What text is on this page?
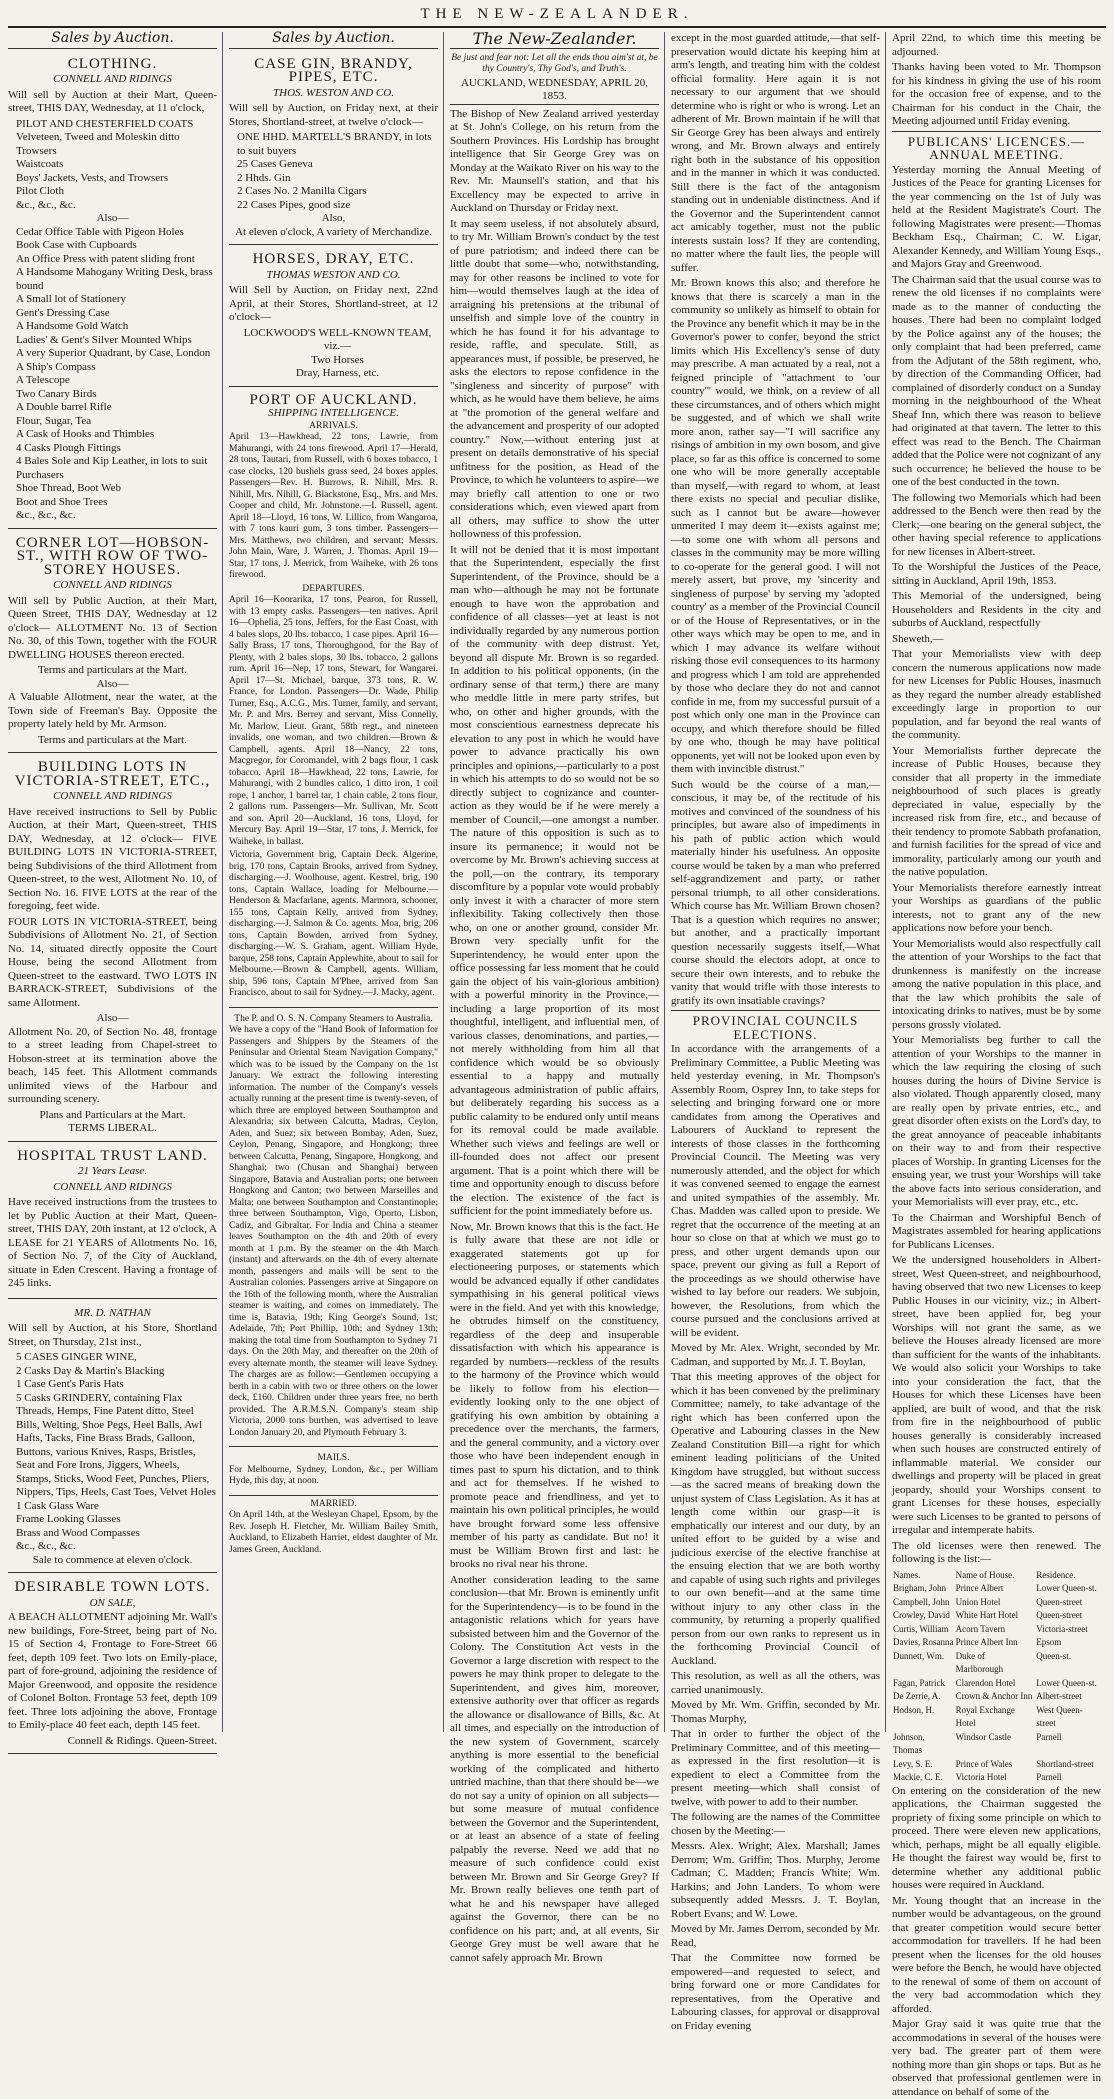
THE NEW-ZEALANDER.
Sales by Auction.
CLOTHING.
CONNELL AND RIDINGS

Will sell by Auction at their Mart, Queen-street, THIS DAY, Wednesday, at 11 o'clock,

PILOT AND CHESTERFIELD COATS
Velveteen, Tweed and Moleskin ditto
Trowsers
Waistcoats
Boys' Jackets, Vests, and Trowsers
Pilot Cloth
&c., &c., &c.
Also—
Cedar Office Table with Pigeon Holes
Book Case with Cupboards
An Office Press with patent sliding front
A Handsome Mahogany Writing Desk, brass bound
A Small lot of Stationery
Gent's Dressing Case
A Handsome Gold Watch
Ladies' & Gent's Silver Mounted Whips
A very Superior Quadrant, by Case, London
A Ship's Compass
A Telescope
Two Canary Birds
A Double barrel Rifle
Flour, Sugar, Tea
A Cask of Hooks and Thimbles
4 Casks Plough Fittings
4 Bales Sole and Kip Leather, in lots to suit Purchasers
Shoe Thread, Boot Web
Boot and Shoe Trees
&c., &c., &c.
CORNER LOT—HOBSON-ST., WITH ROW OF TWO-STOREY HOUSES.
CONNELL AND RIDINGS

Will sell by Public Auction, at their Mart, Queen Street, THIS DAY, Wednesday at 12 o'clock— ALLOTMENT No. 13 of Section No. 30, of this Town, together with the FOUR DWELLING HOUSES thereon erected.

Terms and particulars at the Mart.
Also—

A Valuable Allotment, near the water, at the Town side of Freeman's Bay. Opposite the property lately held by Mr. Armson.

Terms and particulars at the Mart.
BUILDING LOTS IN VICTORIA-STREET, ETC.,
CONNELL AND RIDINGS

Have received instructions to Sell by Public Auction, at their Mart, Queen-street, THIS DAY, Wednesday, at 12 o'clock— FIVE BUILDING LOTS IN VICTORIA-STREET, being Subdivisions of the third Allotment from Queen-street, to the west, Allotment No. 10, of Section No. 16. FIVE LOTS at the rear of the foregoing, feet wide.

FOUR LOTS IN VICTORIA-STREET, being Subdivisions of Allotment No. 21, of Section No. 14, situated directly opposite the Court House, being the second Allotment from Queen-street to the eastward. TWO LOTS IN BARRACK-STREET, Subdivisions of the same Allotment.

Also—

Allotment No. 20, of Section No. 48, frontage to a street leading from Chapel-street to Hobson-street at its termination above the beach, 145 feet. This Allotment commands unlimited views of the Harbour and surrounding scenery.

Plans and Particulars at the Mart.
TERMS LIBERAL.
HOSPITAL TRUST LAND.
21 Years Lease.
CONNELL AND RIDINGS

Have received instructions from the trustees to let by Public Auction at their Mart, Queen-street, THIS DAY, 20th instant, at 12 o'clock, A LEASE for 21 YEARS of Allotments No. 16, of Section No. 7, of the City of Auckland, situate in Eden Crescent. Having a frontage of 245 links.

MR. D. NATHAN

Will sell by Auction, at his Store, Shortland Street, on Thursday, 21st inst.,

5 CASES GINGER WINE,
2 Casks Day & Martin's Blacking
1 Case Gent's Paris Hats
5 Casks GRINDERY, containing Flax Threads, Hemps, Fine Patent ditto, Steel Bills, Welting, Shoe Pegs, Heel Balls, Awl Hafts, Tacks, Fine Brass Brads, Galloon, Buttons, various Knives, Rasps, Bristles, Seat and Fore Irons, Jiggers, Wheels, Stamps, Sticks, Wood Feet, Punches, Pliers, Nippers, Tips, Heels, Cast Toes, Velvet Holes
1 Cask Glass Ware
Frame Looking Glasses
Brass and Wood Compasses
&c., &c., &c.
Sale to commence at eleven o'clock.
DESIRABLE TOWN LOTS.
ON SALE,

A BEACH ALLOTMENT adjoining Mr. Wall's new buildings, Fore-Street, being part of No. 15 of Section 4, Frontage to Fore-Street 66 feet, depth 109 feet. Two lots on Emily-place, part of fore-ground, adjoining the residence of Major Greenwood, and opposite the residence of Colonel Bolton. Frontage 53 feet, depth 109 feet. Three lots adjoining the above, Frontage to Emily-place 40 feet each, depth 145 feet.

Connell & Ridings. Queen-Street.
Sales by Auction.
CASE GIN, BRANDY, PIPES, ETC.
THOS. WESTON AND CO.

Will sell by Auction, on Friday next, at their Stores, Shortland-street, at twelve o'clock—

ONE HHD. MARTELL'S BRANDY, in lots to suit buyers
25 Cases Geneva
2 Hhds. Gin
2 Cases No. 2 Manilla Cigars
22 Cases Pipes, good size
Also,
At eleven o'clock, A variety of Merchandize.
HORSES, DRAY, ETC.
THOMAS WESTON AND CO.

Will Sell by Auction, on Friday next, 22nd April, at their Stores, Shortland-street, at 12 o'clock—

LOCKWOOD'S WELL-KNOWN TEAM, viz.—
Two Horses
Dray, Harness, etc.
PORT OF AUCKLAND.
SHIPPING INTELLIGENCE.
ARRIVALS.

April 13—Hawkhead, 22 tons, Lawrie, from Mahurangi, with 24 tons firewood. April 17—Herald, 28 tons, Tautari, from Russell, with 6 boxes tobacco, 1 case clocks, 120 bushels grass seed, 24 boxes apples. Passengers—Rev. H. Burrows, R. Nihill, Mrs. R. Nihill, Mrs. Nihill, G. Blackstone, Esq., Mrs. and Mrs. Cooper and child, Mr. Johnstone.—I. Russell, agent. April 18—Lloyd, 16 tons, W. Lillico, from Wangaroa, with 7 tons kauri gum, 3 tons timber. Passengers—Mrs. Matthews, two children, and servant; Messrs. John Main, Ware, J. Warren, J. Thomas. April 19—Star, 17 tons, J. Merrick, from Waiheke, with 26 tons firewood.

DEPARTURES.

April 16—Koorarika, 17 tons, Pearon, for Russell, with 13 empty casks. Passengers—ten natives. April 16—Ophelia, 25 tons, Jeffers, for the East Coast, with 4 bales slops, 20 lbs. tobacco, 1 case pipes. April 16—Sally Brass, 17 tons, Thoroughgood, for the Bay of Plenty, with 2 bales slops, 30 lbs. tobacco, 2 gallons rum. April 16—Nep, 17 tons, Stewart, for Wangarei. April 17—St. Michael, barque, 373 tons, R. W. France, for London. Passengers—Dr. Wade, Philip Turner, Esq., A.C.G., Mrs. Turner, family, and servant, Mr. P. and Mrs. Berrey and servant, Miss Connelly, Mr. Marlow, Lieut. Grant, 58th regt., and nineteen invalids, one woman, and two children.—Brown & Campbell, agents. April 18—Nancy, 22 tons, Macgregor, for Coromandel, with 2 bags flour, 1 cask tobacco. April 18—Hawkhead, 22 tons, Lawrie, for Mahurangi, with 2 bundles calico, 1 ditto iron, 1 coil rope, 1 anchor, 1 barrel tar, 1 chain cable, 2 tons flour, 2 gallons rum. Passengers—Mr. Sullivan, Mr. Scott and son. April 20—Auckland, 16 tons, Lloyd, for Mercury Bay. April 19—Star, 17 tons, J. Merrick, for Waiheke, in ballast.

Victoria, Government brig, Captain Deck. Algerine, brig, 170 tons, Captain Brooks, arrived from Sydney, discharging.—J. Woolhouse, agent. Kestrel, brig, 190 tons, Captain Wallace, loading for Melbourne.—Henderson & Macfarlane, agents. Marmora, schooner, 155 tons, Captain Kelly, arrived from Sydney, discharging.—J. Salmon & Co. agents. Moa, brig, 206 tons, Captain Bowden, arrived from Sydney, discharging.—W. S. Graham, agent. William Hyde, barque, 258 tons, Captain Applewhite, about to sail for Melbourne.—Brown & Campbell, agents. William, ship, 596 tons, Captain M'Phee, arrived from San Francisco, about to sail for Sydney.—J. Macky, agent.

The P. and O. S. N. Company Steamers to Australia.

We have a copy of the "Hand Book of Information for Passengers and Shippers by the Steamers of the Peninsular and Oriental Steam Navigation Company," which was to be issued by the Company on the 1st January. We extract the following interesting information. The number of the Company's vessels actually running at the present time is twenty-seven, of which three are employed between Southampton and Alexandria; six between Calcutta, Madras, Ceylon, Aden, and Suez; six between Bombay, Aden, Suez, Ceylon, Penang, Singapore, and Hongkong; three between Calcutta, Penang, Singapore, Hongkong, and Shanghai; two (Chusan and Shanghai) between Singapore, Batavia and Australian ports; one between Hongkong and Canton; two between Marseilles and Malta; one between Southampton and Constantinople; three between Southampton, Vigo, Oporto, Lisbon, Cadiz, and Gibraltar. For India and China a steamer leaves Southampton on the 4th and 20th of every month at 1 p.m. By the steamer on the 4th March (instant) and afterwards on the 4th of every alternate month, passengers and mails will be sent to the Australian colonies. Passengers arrive at Singapore on the 16th of the following month, where the Australian steamer is waiting, and comes on immediately. The time is, Batavia, 19th; King George's Sound, 1st; Adelaide, 7th; Port Phillip, 10th; and Sydney 13th; making the total time from Southampton to Sydney 71 days. On the 20th May, and thereafter on the 20th of every alternate month, the steamer will leave Sydney. The charges are as follow:—Gentlemen occupying a berth in a cabin with two or three others on the lower deck, £160. Children under three years free, no berth provided. The A.R.M.S.N. Company's steam ship Victoria, 2000 tons burthen, was advertised to leave London January 20, and Plymouth February 3.

MAILS.

For Melbourne, Sydney, London, &c., per William Hyde, this day, at noon.

MARRIED.

On April 14th, at the Wesleyan Chapel, Epsom, by the Rev. Joseph H. Fletcher, Mr. William Bailey Smith, Auckland, to Elizabeth Harriet, eldest daughter of Mr. James Green, Auckland.

The New-Zealander.
Be just and fear not: Let all the ends thou aim'st at, be thy Country's, Thy God's, and Truth's.
AUCKLAND, WEDNESDAY, APRIL 20, 1853.

The Bishop of New Zealand arrived yesterday at St. John's College, on his return from the Southern Provinces. His Lordship has brought intelligence that Sir George Grey was on Monday at the Waikato River on his way to the Rev. Mr. Maunsell's station, and that his Excellency may be expected to arrive in Auckland on Thursday or Friday next.

It may seem useless, if not absolutely absurd, to try Mr. William Brown's conduct by the test of pure patriotism; and indeed there can be little doubt that some—who, notwithstanding, may for other reasons be inclined to vote for him—would themselves laugh at the idea of arraigning his pretensions at the tribunal of unselfish and simple love of the country in which he has found it for his advantage to reside, raffle, and speculate. Still, as appearances must, if possible, be preserved, he asks the electors to repose confidence in the "singleness and sincerity of purpose" with which, as he would have them believe, he aims at "the promotion of the general welfare and the advancement and prosperity of our adopted country." Now,—without entering just at present on details demonstrative of his special unfitness for the position, as Head of the Province, to which he volunteers to aspire—we may briefly call attention to one or two considerations which, even viewed apart from all others, may suffice to show the utter hollowness of this profession.

It will not be denied that it is most important that the Superintendent, especially the first Superintendent, of the Province, should be a man who—although he may not be fortunate enough to have won the approbation and confidence of all classes—yet at least is not individually regarded by any numerous portion of the community with deep distrust. Yet, beyond all dispute Mr. Brown is so regarded. In addition to his political opponents, (in the ordinary sense of that term,) there are many who meddle little in mere party strifes, but who, on other and higher grounds, with the most conscientious earnestness deprecate his elevation to any post in which he would have power to advance practically his own principles and opinions,—particularly to a post in which his attempts to do so would not be so directly subject to cognizance and counter-action as they would be if he were merely a member of Council,—one amongst a number. The nature of this opposition is such as to insure its permanence; it would not be overcome by Mr. Brown's achieving success at the poll,—on the contrary, its temporary discomfiture by a popular vote would probably only invest it with a character of more stern inflexibility. Taking collectively then those who, on one or another ground, consider Mr. Brown very specially unfit for the Superintendency, he would enter upon the office possessing far less moment that he could gain the object of his vain-glorious ambition) with a powerful minority in the Province,—including a large proportion of its most thoughtful, intelligent, and influential men, of various classes, denominations, and parties,—not merely withholding from him all that confidence which would be so obviously essential to a happy and mutually advantageous administration of public affairs, but deliberately regarding his success as a public calamity to be endured only until means for its removal could be made available. Whether such views and feelings are well or ill-founded does not affect our present argument. That is a point which there will be time and opportunity enough to discuss before the election. The existence of the fact is sufficient for the point immediately before us.

Now, Mr. Brown knows that this is the fact. He is fully aware that these are not idle or exaggerated statements got up for electioneering purposes, or statements which would be advanced equally if other candidates sympathising in his general political views were in the field. And yet with this knowledge, he obtrudes himself on the constituency, regardless of the deep and insuperable dissatisfaction with which his appearance is regarded by numbers—reckless of the results to the harmony of the Province which would be likely to follow from his election—evidently looking only to the one object of gratifying his own ambition by obtaining a precedence over the merchants, the farmers, and the general community, and a victory over those who have been independent enough in times past to spurn his dictation, and to think and act for themselves. If he wished to promote peace and friendliness, and yet to maintain his own political principles, he would have brought forward some less offensive member of his party as candidate. But no! it must be William Brown first and last: he brooks no rival near his throne.

Another consideration leading to the same conclusion—that Mr. Brown is eminently unfit for the Superintendency—is to be found in the antagonistic relations which for years have subsisted between him and the Governor of the Colony. The Constitution Act vests in the Governor a large discretion with respect to the powers he may think proper to delegate to the Superintendent, and gives him, moreover, extensive authority over that officer as regards the allowance or disallowance of Bills, &c. At all times, and especially on the introduction of the new system of Government, scarcely anything is more essential to the beneficial working of the complicated and hitherto untried machine, than that there should be—we do not say a unity of opinion on all subjects—but some measure of mutual confidence between the Governor and the Superintendent, or at least an absence of a state of feeling palpably the reverse. Need we add that no measure of such confidence could exist between Mr. Brown and Sir George Grey? If Mr. Brown really believes one tenth part of what he and his newspaper have alleged against the Governor, there can be no confidence on his part; and, at all events, Sir George Grey must be well aware that he cannot safely approach Mr. Brown

except in the most guarded attitude,—that self-preservation would dictate his keeping him at arm's length, and treating him with the coldest official formality. Here again it is not necessary to our argument that we should determine who is right or who is wrong. Let an adherent of Mr. Brown maintain if he will that Sir George Grey has been always and entirely wrong, and Mr. Brown always and entirely right both in the substance of his opposition and in the manner in which it was conducted. Still there is the fact of the antagonism standing out in undeniable distinctness. And if the Governor and the Superintendent cannot act amicably together, must not the public interests sustain loss? If they are contending, no matter where the fault lies, the people will suffer.

Mr. Brown knows this also; and therefore he knows that there is scarcely a man in the community so unlikely as himself to obtain for the Province any benefit which it may be in the Governor's power to confer, beyond the strict limits which His Excellency's sense of duty may prescribe. A man actuated by a real, not a feigned principle of "attachment to 'our country'" would, we think, on a review of all these circumstances, and of others which might be suggested, and of which we shall write more anon, rather say—"I will sacrifice any risings of ambition in my own bosom, and give place, so far as this office is concerned to some one who will be more generally acceptable than myself,—with regard to whom, at least there exists no special and peculiar dislike, such as I cannot but be aware—however unmerited I may deem it—exists against me; —to some one with whom all persons and classes in the community may be more willing to co-operate for the general good. I will not merely assert, but prove, my 'sincerity and singleness of purpose' by serving my 'adopted country' as a member of the Provincial Council or of the House of Representatives, or in the other ways which may be open to me, and in which I may advance its welfare without risking those evil consequences to its harmony and progress which I am told are apprehended by those who declare they do not and cannot confide in me, from my successful pursuit of a post which only one man in the Province can occupy, and which therefore should be filled by one who, though he may have political opponents, yet will not be looked upon even by them with invincible distrust."

Such would be the course of a man,—conscious, it may be, of the rectitude of his motives and convinced of the soundness of his principles, but aware also of impediments in his path of public action which would materially hinder his usefulness. An opposite course would be taken by a man who preferred self-aggrandizement and party, or rather personal triumph, to all other considerations. Which course has Mr. William Brown chosen? That is a question which requires no answer; but another, and a practically important question necessarily suggests itself,—What course should the electors adopt, at once to secure their own interests, and to rebuke the vanity that would trifle with those interests to gratify its own insatiable cravings?

PROVINCIAL COUNCILS ELECTIONS.

In accordance with the arrangements of a Preliminary Committee, a Public Meeting was held yesterday evening, in Mr. Thompson's Assembly Room, Osprey Inn, to take steps for selecting and bringing forward one or more candidates from among the Operatives and Labourers of Auckland to represent the interests of those classes in the forthcoming Provincial Council. The Meeting was very numerously attended, and the object for which it was convened seemed to engage the earnest and united sympathies of the assembly. Mr. Chas. Madden was called upon to preside. We regret that the occurrence of the meeting at an hour so close on that at which we must go to press, and other urgent demands upon our space, prevent our giving as full a Report of the proceedings as we should otherwise have wished to lay before our readers. We subjoin, however, the Resolutions, from which the course pursued and the conclusions arrived at will be evident.

Moved by Mr. Alex. Wright, seconded by Mr. Cadman, and supported by Mr. J. T. Boylan,

That this meeting approves of the object for which it has been convened by the preliminary Committee; namely, to take advantage of the right which has been conferred upon the Operative and Labouring classes in the New Zealand Constitution Bill—a right for which eminent leading politicians of the United Kingdom have struggled, but without success—as the sacred means of breaking down the unjust system of Class Legislation. As it has at length come within our grasp—it is emphatically our interest and our duty, by an united effort to be guided by a wise and judicious exercise of the elective franchise at the ensuing election that we are both worthy and capable of using such rights and privileges to our own benefit—and at the same time without injury to any other class in the community, by returning a properly qualified person from our own ranks to represent us in the forthcoming Provincial Council of Auckland.

This resolution, as well as all the others, was carried unanimously.

Moved by Mr. Wm. Griffin, seconded by Mr. Thomas Murphy,

That in order to further the object of the Preliminary Committee, and of this meeting—as expressed in the first resolution—it is expedient to elect a Committee from the present meeting—which shall consist of twelve, with power to add to their number.

The following are the names of the Committee chosen by the Meeting:—

Messrs. Alex. Wright; Alex. Marshall; James Derrom; Wm. Griffin; Thos. Murphy, Jerome Cadman; C. Madden; Francis White; Wm. Harkins; and John Landers. To whom were subsequently added Messrs. J. T. Boylan, Robert Evans; and W. Lowe.

Moved by Mr. James Derrom, seconded by Mr. Read,

That the Committee now formed be empowered—and requested to select, and bring forward one or more Candidates for representatives, from the Operative and Labouring classes, for approval or disapproval on Friday evening

April 22nd, to which time this meeting be adjourned.

Thanks having been voted to Mr. Thompson for his kindness in giving the use of his room for the occasion free of expense, and to the Chairman for his conduct in the Chair, the Meeting adjourned until Friday evening.

PUBLICANS' LICENCES.—ANNUAL MEETING.

Yesterday morning the Annual Meeting of Justices of the Peace for granting Licenses for the year commencing on the 1st of July was held at the Resident Magistrate's Court. The following Magistrates were present:—Thomas Beckham Esq., Chairman; C. W. Ligar, Alexander Kennedy, and William Young Esqs., and Majors Gray and Greenwood.

The Chairman said that the usual course was to renew the old licenses if no complaints were made as to the manner of conducting the houses. There had been no complaint lodged by the Police against any of the houses; the only complaint that had been preferred, came from the Adjutant of the 58th regiment, who, by direction of the Commanding Officer, had complained of disorderly conduct on a Sunday morning in the neighbourhood of the Wheat Sheaf Inn, which there was reason to believe had originated at that tavern. The letter to this effect was read to the Bench. The Chairman added that the Police were not cognizant of any such occurrence; he believed the house to be one of the best conducted in the town.

The following two Memorials which had been addressed to the Bench were then read by the Clerk;—one bearing on the general subject, the other having special reference to applications for new licenses in Albert-street.

To the Worshipful the Justices of the Peace, sitting in Auckland, April 19th, 1853.

This Memorial of the undersigned, being Householders and Residents in the city and suburbs of Auckland, respectfully

Sheweth,—

That your Memorialists view with deep concern the numerous applications now made for new Licenses for Public Houses, inasmuch as they regard the number already established exceedingly large in proportion to our population, and far beyond the real wants of the community.

Your Memorialists further deprecate the increase of Public Houses, because they consider that all property in the immediate neighbourhood of such places is greatly depreciated in value, especially by the increased risk from fire, etc., and because of their tendency to promote Sabbath profanation, and furnish facilities for the spread of vice and immorality, particularly among our youth and the native population.

Your Memorialists therefore earnestly intreat your Worships as guardians of the public interests, not to grant any of the new applications now before your bench.

Your Memorialists would also respectfully call the attention of your Worships to the fact that drunkenness is manifestly on the increase among the native population in this place, and that the law which prohibits the sale of intoxicating drinks to natives, must be by some persons grossly violated.

Your Memorialists beg further to call the attention of your Worships to the manner in which the law requiring the closing of such houses during the hours of Divine Service is also violated. Though apparently closed, many are really open by private entries, etc., and great disorder often exists on the Lord's day, to the great annoyance of peaceable inhabitants on their way to and from their respective places of Worship. In granting Licenses for the ensuing year, we trust your Worships will take the above facts into serious consideration, and your Memorialists will ever pray, etc., etc.

To the Chairman and Worshipful Bench of Magistrates assembled for hearing applications for Publicans Licenses.

We the undersigned householders in Albert-street, West Queen-street, and neighbourhood, having observed that two new Licenses to keep Public Houses in our vicinity, viz.; in Albert-street, have been applied for, beg your Worships will not grant the same, as we believe the Houses already licensed are more than sufficient for the wants of the inhabitants. We would also solicit your Worships to take into your consideration the fact, that the Houses for which these Licenses have been applied, are built of wood, and that the risk from fire in the neighbourhood of public houses generally is considerably increased when such houses are constructed entirely of inflammable material. We consider our dwellings and property will be placed in great jeopardy, should your Worships consent to grant Licenses for these houses, especially were such Licenses to be granted to persons of irregular and intemperate habits.

The old licenses were then renewed. The following is the list:—

Names.	Name of House.	Residence.
Brigham, John	Prince Albert	Lower Queen-st.
Campbell, John	Union Hotel	Queen-street
Crowley, David	White Hart Hotel	Queen-street
Curtis, William	Acorn Tavern	Victoria-street
Davies, Rosanna	Prince Albert Inn	Epsom
Dunnett, Wm.	Duke of Marlborough	Queen-st.
Fagan, Patrick	Clarendon Hotel	Lower Queen-st.
De Zerrie, A.	Crown & Anchor Inn	Albert-street
Hodson, H.	Royal Exchange Hotel	West Queen-street
Johnson, Thomas	Windsor Castle	Parnell
Levy, S. E.	Prince of Wales	Shortland-street
Mackie, C. E.	Victoria Hotel	Parnell

On entering on the consideration of the new applications, the Chairman suggested the propriety of fixing some principle on which to proceed. There were eleven new applications, which, perhaps, might be all equally eligible. He thought the fairest way would be, first to determine whether any additional public houses were required in Auckland.

Mr. Young thought that an increase in the number would be advantageous, on the ground that greater competition would secure better accommodation for travellers. If he had been present when the licenses for the old houses were before the Bench, he would have objected to the renewal of some of them on account of the very bad accommodation which they afforded.

Major Gray said it was quite true that the accommodations in several of the houses were very bad. The greater part of them were nothing more than gin shops or taps. But as he observed that professional gentlemen were in attendance on behalf of some of the
